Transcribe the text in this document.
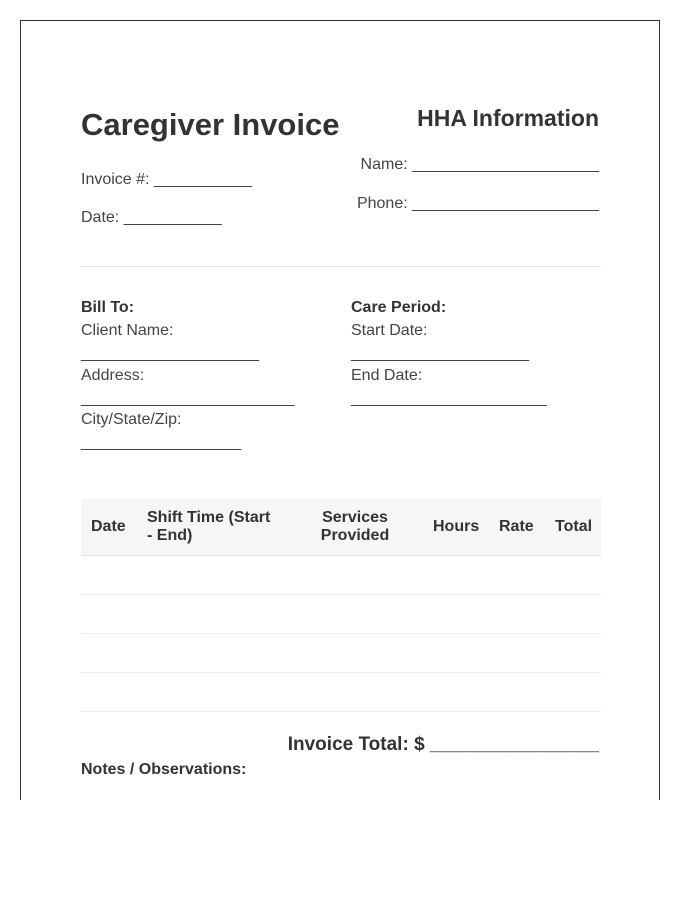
Caregiver Invoice	HHA Information
Name: _____________________
Phone: _____________________
Invoice #: ___________
Date: ___________
Bill To:
Client Name:
____________________
Address:
________________________
City/State/Zip:
__________________
Care Period:
Start Date:
____________________
End Date:
______________________
Date	Shift Time (Start - End)	Services Provided	Hours	Rate	Total

Invoice Total: $ ________________
Notes / Observations:
